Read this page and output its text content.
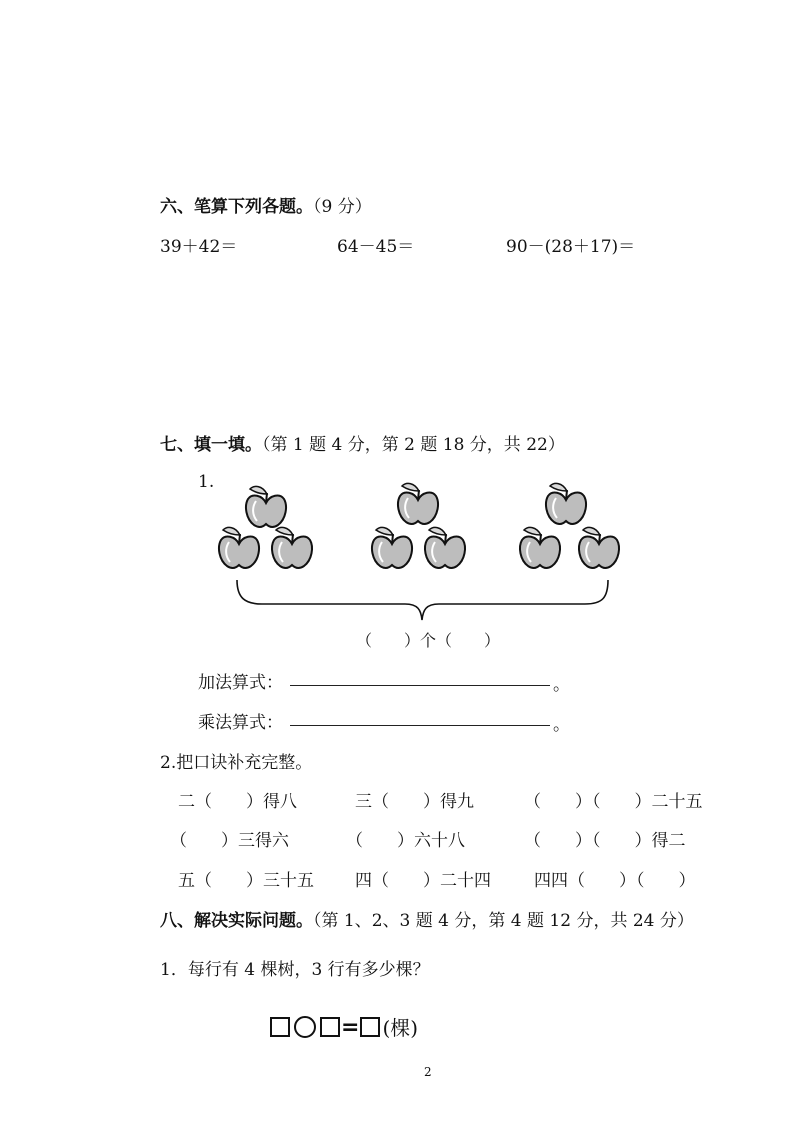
六、笔算下列各题。（9 分）
39＋42＝	64－45＝	90－(28＋17)＝
七、填一填。（第 1 题 4 分，第 2 题 18 分，共 22）
1.
（　　）个（　　）
加法算式：	。
乘法算式：	。
2.把口诀补充完整。
二（　　）得八	三（　　）得九	（　　）（　　）二十五
（　　）三得六	（　　）六十八	（　　）（　　）得二
五（　　）三十五 四（　　）二十四	四四（　　）（　　）
八、解决实际问题。（第 1、2、3 题 4 分，第 4 题 12 分，共 24 分）
1．每行有 4 棵树，3 行有多少棵？
= (棵)
2
